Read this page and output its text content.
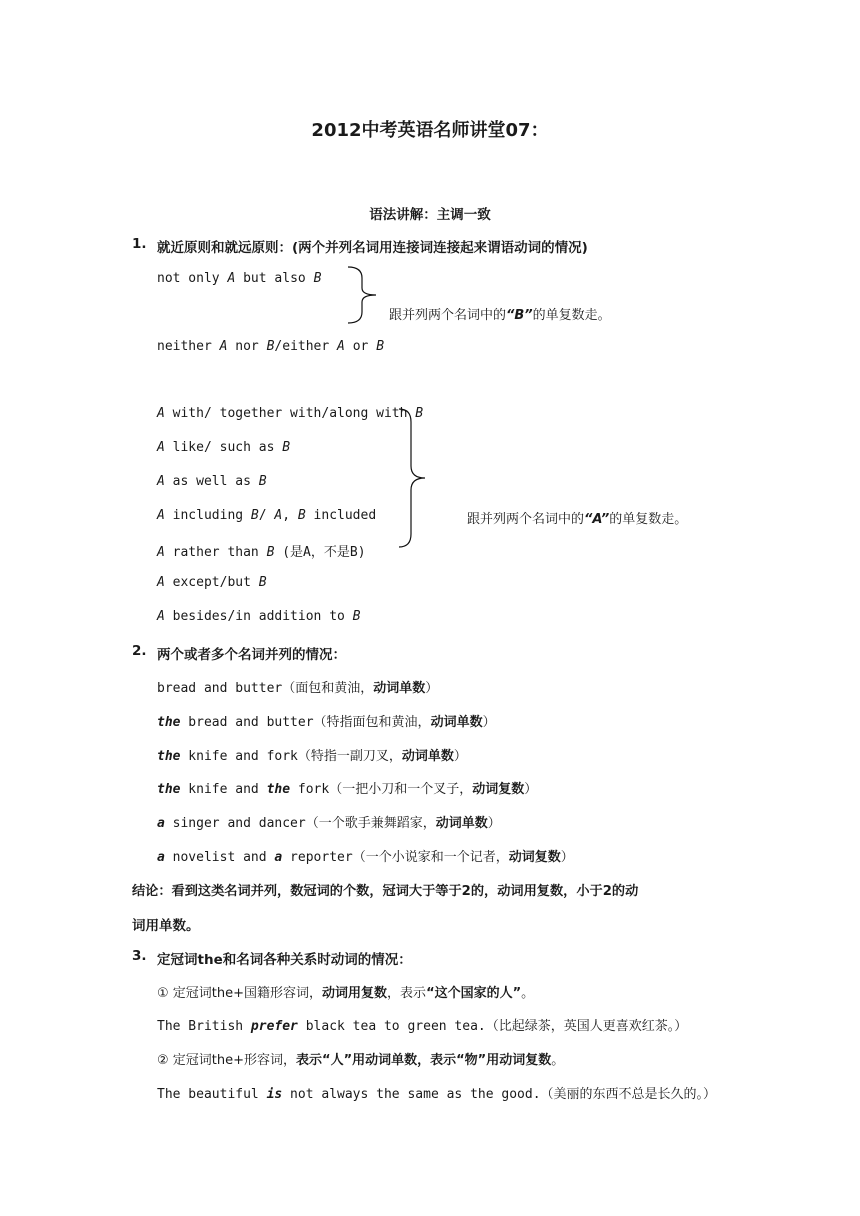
2012中考英语名师讲堂07：
语法讲解：主调一致
1. 就近原则和就远原则：(两个并列名词用连接词连接起来谓语动词的情况)
not only A but also B
跟并列两个名词中的“B”的单复数走。
neither A nor B/either A or B
A with/ together with/along with B
A like/ such as B
A as well as B
A including B/ A, B included
A rather than B (是A，不是B)
A except/but B
A besides/in addition to B
跟并列两个名词中的“A”的单复数走。
2. 两个或者多个名词并列的情况：
bread and butter（面包和黄油，动词单数）
the bread and butter（特指面包和黄油，动词单数）
the knife and fork（特指一副刀叉，动词单数）
the knife and the fork（一把小刀和一个叉子，动词复数）
a singer and dancer（一个歌手兼舞蹈家，动词单数）
a novelist and a reporter（一个小说家和一个记者，动词复数）
结论：看到这类名词并列，数冠词的个数，冠词大于等于2的，动词用复数，小于2的动
词用单数。
3. 定冠词the和名词各种关系时动词的情况：
① 定冠词the+国籍形容词，动词用复数，表示“这个国家的人”。
The British prefer black tea to green tea.（比起绿茶，英国人更喜欢红茶。）
② 定冠词the+形容词，表示“人”用动词单数，表示“物”用动词复数。
The beautiful is not always the same as the good.（美丽的东西不总是长久的。）
